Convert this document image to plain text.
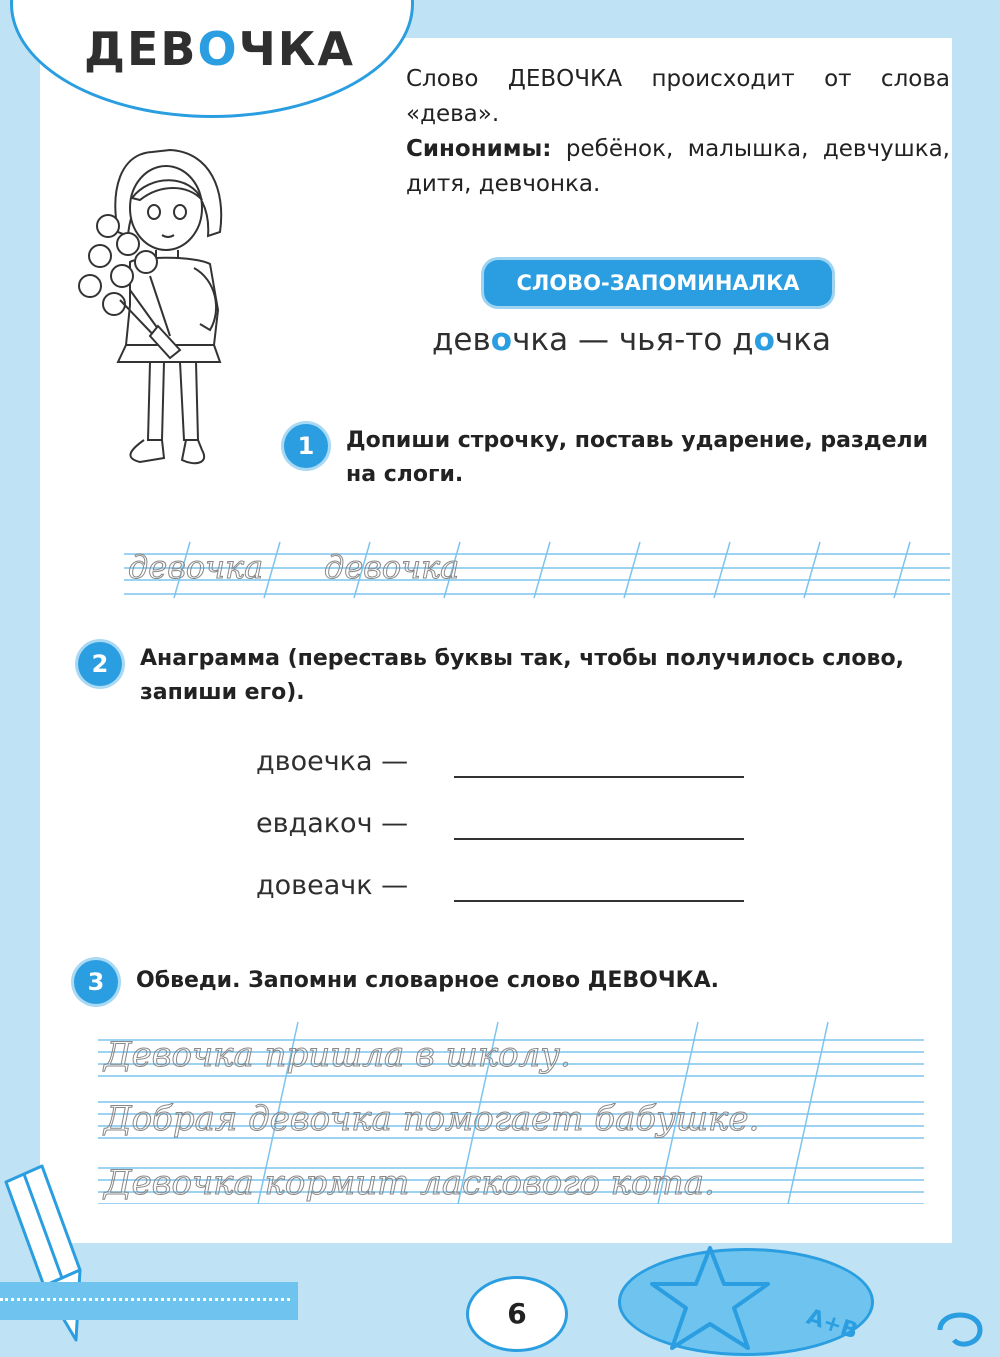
ДЕВОЧКА

Слово ДЕВОЧКА происходит от слова «дева».

Синонимы: ребёнок, малышка, девчушка, дитя, девчонка.

СЛОВО-ЗАПОМИНАЛКА
девочка — чья-то дочка
1	Допиши строчку, поставь ударение, раздели на слоги.
девочка девочка
2	Анаграмма (переставь буквы так, чтобы получилось слово, запиши его).
двоечка —
евдакоч —
довеачк —
3	Обведи. Запомни словарное слово ДЕВОЧКА.
Девочка пришла в школу.
Добрая девочка помогает бабушке.
Девочка кормит ласкового кота.
6	А+В
